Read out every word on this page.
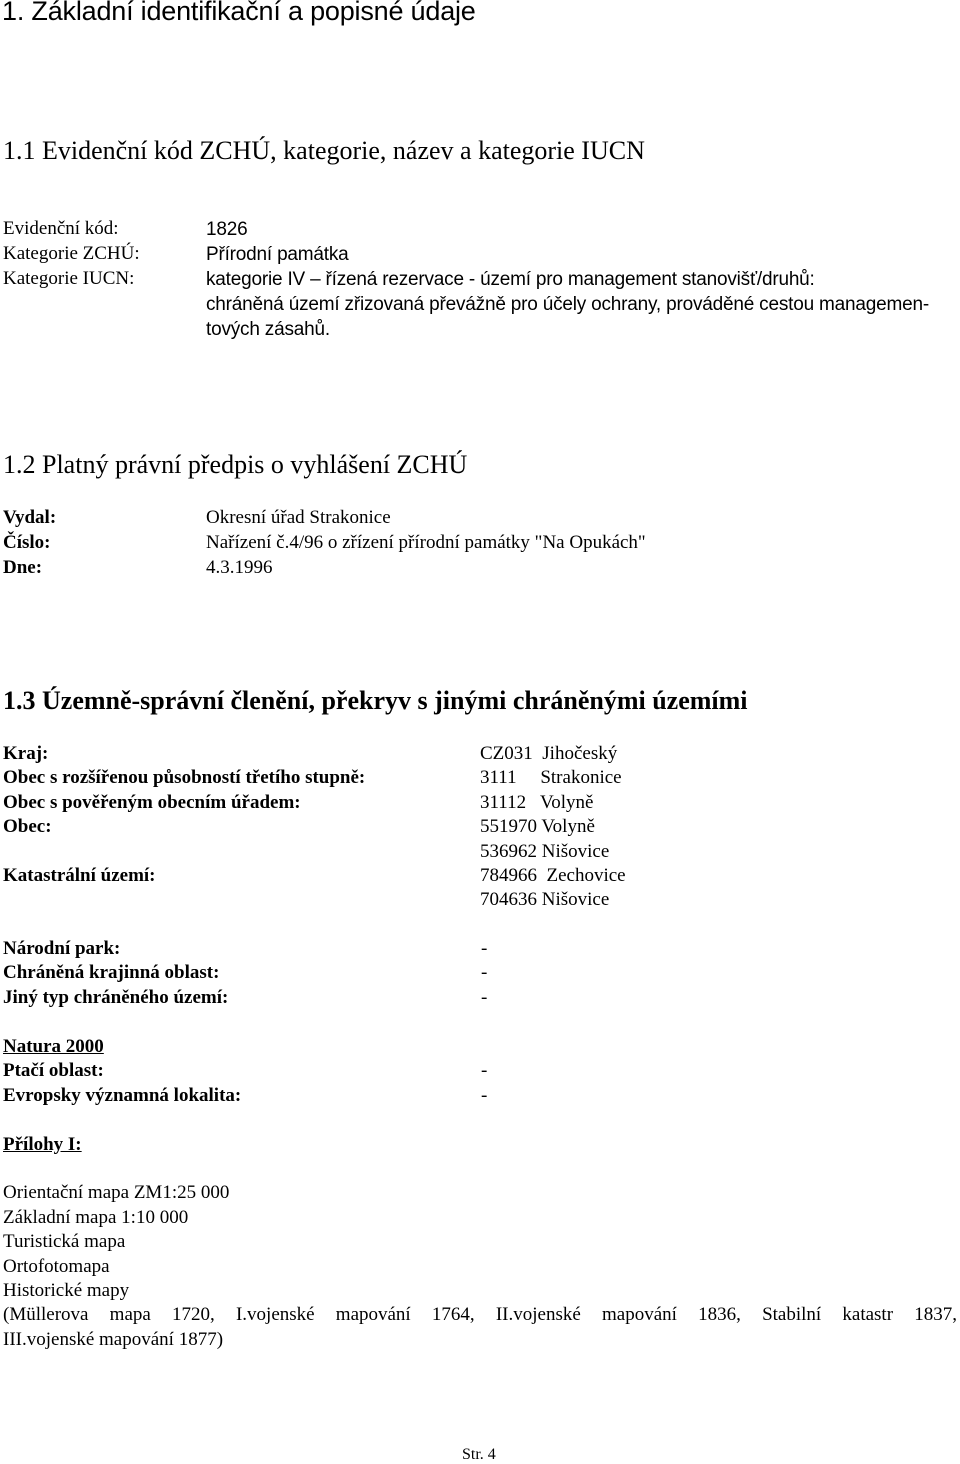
1. Základní identifikační a popisné údaje
1.1 Evidenční kód ZCHÚ, kategorie, název a kategorie IUCN
Evidenční kód:	1826
Kategorie ZCHÚ:	Přírodní památka
Kategorie IUCN:	kategorie IV – řízená rezervace - území pro management stanovišť/druhů:
chráněná území zřizovaná převážně pro účely ochrany, prováděné cestou managemen-
tových zásahů.
1.2 Platný právní předpis o vyhlášení ZCHÚ
Vydal:	Okresní úřad Strakonice
Číslo:	Nařízení č.4/96 o zřízení přírodní památky "Na Opukách"
Dne:	4.3.1996
1.3 Územně-správní členění, překryv s jinými chráněnými územími
Kraj:	CZ031  Jihočeský
Obec s rozšířenou působností třetího stupně:	3111     Strakonice
Obec s pověřeným obecním úřadem:	31112   Volyně
Obec:	551970 Volyně
536962 Nišovice
Katastrální území:	784966  Zechovice
704636 Nišovice
Národní park:	-
Chráněná krajinná oblast:	-
Jiný typ chráněného území:	-
Natura 2000
Ptačí oblast:	-
Evropsky významná lokalita:	-
Přílohy I:
Orientační mapa ZM1:25 000
Základní mapa 1:10 000
Turistická mapa
Ortofotomapa
Historické mapy
(Müllerova mapa 1720, I.vojenské mapování 1764, II.vojenské mapování 1836, Stabilní katastr 1837,
III.vojenské mapování 1877)
Str. 4
